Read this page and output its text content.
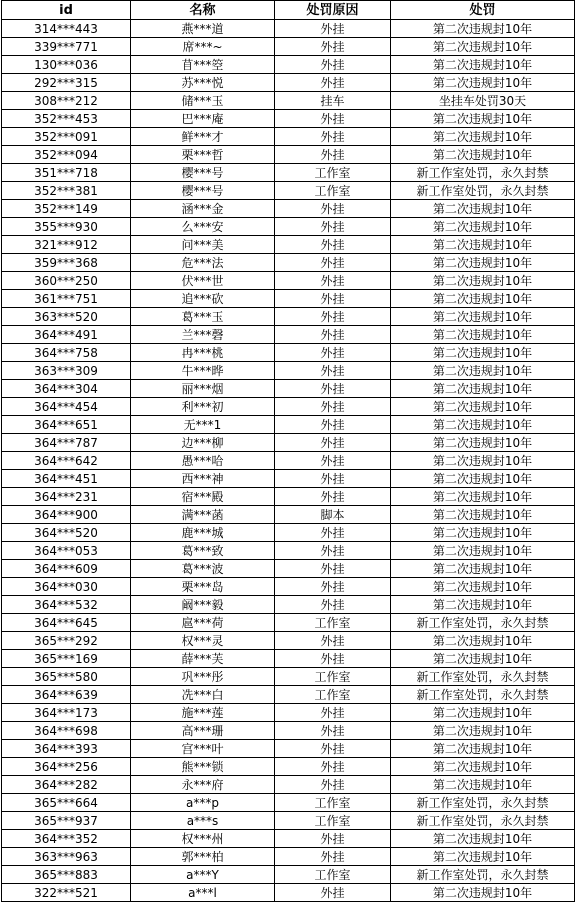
id	名称	处罚原因	处罚
314***443	燕***道	外挂	第二次违规封10年
339***771	席***~	外挂	第二次违规封10年
130***036	苜***箜	外挂	第二次违规封10年
292***315	苏***悦	外挂	第二次违规封10年
308***212	储***玉	挂车	坐挂车处罚30天
352***453	巴***庵	外挂	第二次违规封10年
352***091	鲜***才	外挂	第二次违规封10年
352***094	栗***哲	外挂	第二次违规封10年
351***718	樱***号	工作室	新工作室处罚，永久封禁
352***381	樱***号	工作室	新工作室处罚，永久封禁
352***149	涵***金	外挂	第二次违规封10年
355***930	么***安	外挂	第二次违规封10年
321***912	问***美	外挂	第二次违规封10年
359***368	危***法	外挂	第二次违规封10年
360***250	伏***世	外挂	第二次违规封10年
361***751	追***砍	外挂	第二次违规封10年
363***520	葛***玉	外挂	第二次违规封10年
364***491	兰***磬	外挂	第二次违规封10年
364***758	冉***桃	外挂	第二次违规封10年
363***309	牛***晔	外挂	第二次违规封10年
364***304	丽***烟	外挂	第二次违规封10年
364***454	利***初	外挂	第二次违规封10年
364***651	无***1	外挂	第二次违规封10年
364***787	边***柳	外挂	第二次违规封10年
364***642	愚***哈	外挂	第二次违规封10年
364***451	西***神	外挂	第二次违规封10年
364***231	宿***殿	外挂	第二次违规封10年
364***900	满***菡	脚本	第二次违规封10年
364***520	鹿***城	外挂	第二次违规封10年
364***053	葛***致	外挂	第二次违规封10年
364***609	葛***波	外挂	第二次违规封10年
364***030	栗***岛	外挂	第二次违规封10年
364***532	阚***毅	外挂	第二次违规封10年
364***645	扈***荷	工作室	新工作室处罚，永久封禁
365***292	权***灵	外挂	第二次违规封10年
365***169	薛***芙	外挂	第二次违规封10年
365***580	巩***彤	工作室	新工作室处罚，永久封禁
364***639	冼***白	工作室	新工作室处罚，永久封禁
364***173	施***莲	外挂	第二次违规封10年
364***698	高***珊	外挂	第二次违规封10年
364***393	宫***叶	外挂	第二次违规封10年
364***256	熊***锁	外挂	第二次违规封10年
364***282	永***府	外挂	第二次违规封10年
365***664	a***p	工作室	新工作室处罚，永久封禁
365***937	a***s	工作室	新工作室处罚，永久封禁
364***352	权***州	外挂	第二次违规封10年
363***963	郭***柏	外挂	第二次违规封10年
365***883	a***Y	工作室	新工作室处罚，永久封禁
322***521	a***l	外挂	第二次违规封10年
